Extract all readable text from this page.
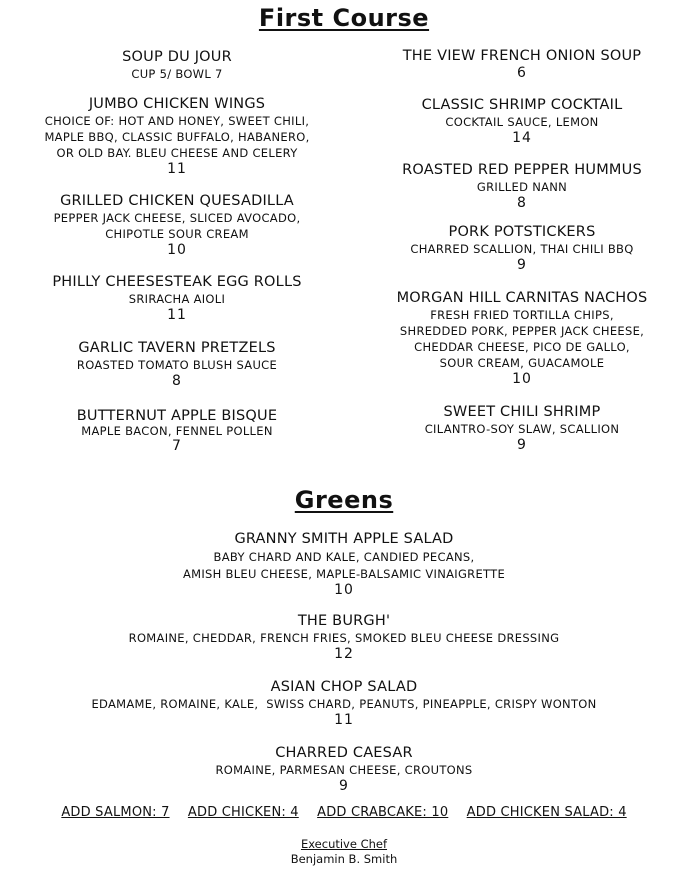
First Course
SOUP DU JOUR
CUP 5/ BOWL 7
JUMBO CHICKEN WINGS
CHOICE OF: HOT AND HONEY, SWEET CHILI,
MAPLE BBQ, CLASSIC BUFFALO, HABANERO,
OR OLD BAY. BLEU CHEESE AND CELERY
11
GRILLED CHICKEN QUESADILLA
PEPPER JACK CHEESE, SLICED AVOCADO,
CHIPOTLE SOUR CREAM
10
PHILLY CHEESESTEAK EGG ROLLS
SRIRACHA AIOLI
11
GARLIC TAVERN PRETZELS
ROASTED TOMATO BLUSH SAUCE
8
BUTTERNUT APPLE BISQUE
MAPLE BACON, FENNEL POLLEN
7
THE VIEW FRENCH ONION SOUP
6
CLASSIC SHRIMP COCKTAIL
COCKTAIL SAUCE, LEMON
14
ROASTED RED PEPPER HUMMUS
GRILLED NANN
8
PORK POTSTICKERS
CHARRED SCALLION, THAI CHILI BBQ
9
MORGAN HILL CARNITAS NACHOS
FRESH FRIED TORTILLA CHIPS,
SHREDDED PORK, PEPPER JACK CHEESE,
CHEDDAR CHEESE, PICO DE GALLO,
SOUR CREAM, GUACAMOLE
10
SWEET CHILI SHRIMP
CILANTRO-SOY SLAW, SCALLION
9
Greens
GRANNY SMITH APPLE SALAD
BABY CHARD AND KALE, CANDIED PECANS,
AMISH BLEU CHEESE, MAPLE-BALSAMIC VINAIGRETTE
10
THE BURGH'
ROMAINE, CHEDDAR, FRENCH FRIES, SMOKED BLEU CHEESE DRESSING
12
ASIAN CHOP SALAD
EDAMAME, ROMAINE, KALE,  SWISS CHARD, PEANUTS, PINEAPPLE, CRISPY WONTON
11
CHARRED CAESAR
ROMAINE, PARMESAN CHEESE, CROUTONS
9
ADD SALMON: 7 ADD CHICKEN: 4 ADD CRABCAKE: 10 ADD CHICKEN SALAD: 4
Executive Chef
Benjamin B. Smith
